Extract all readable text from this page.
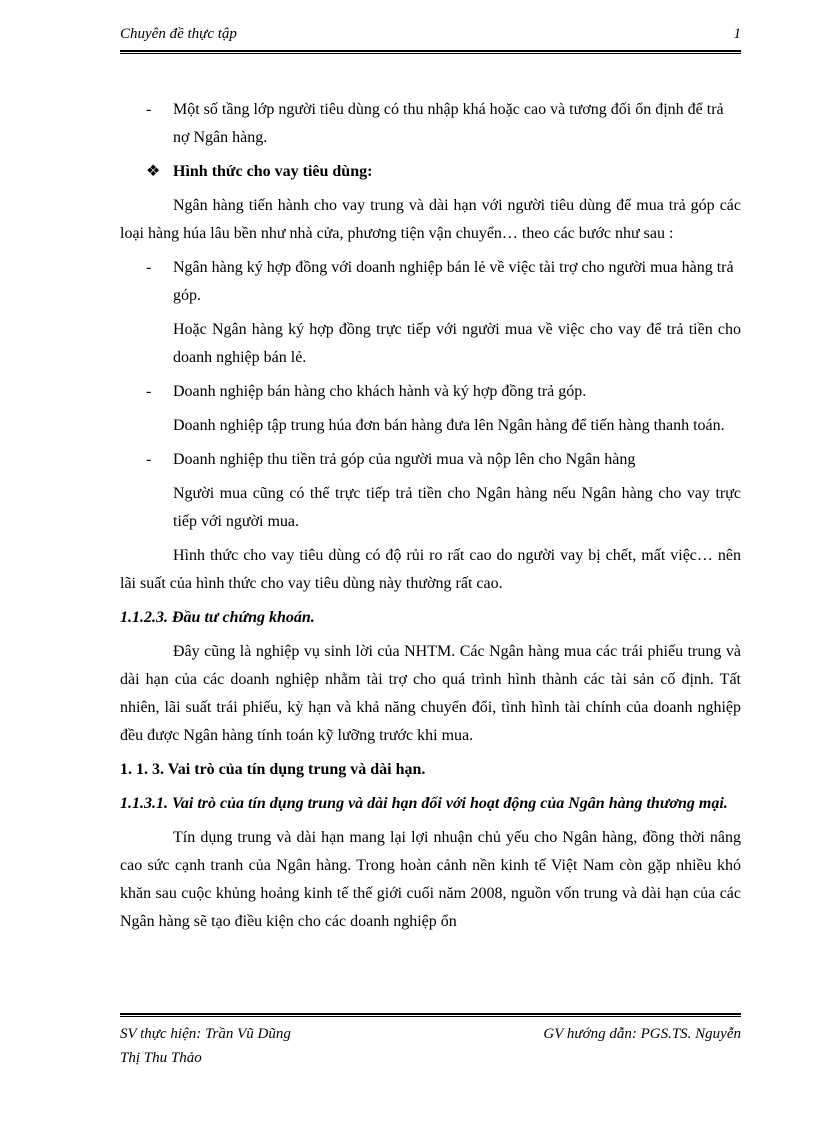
Chuyên đề thực tập	1
- Một số tầng lớp người tiêu dùng có thu nhập khá hoặc cao và tương đối ổn định để trả nợ Ngân hàng.
❖ Hình thức cho vay tiêu dùng:
Ngân hàng tiến hành cho vay trung và dài hạn với người tiêu dùng để mua trả góp các loại hàng húa lâu bền như nhà cửa, phương tiện vận chuyển… theo các bước như sau :
- Ngân hàng ký hợp đồng với doanh nghiệp bán lẻ về việc tài trợ cho người mua hàng trả góp.
Hoặc Ngân hàng ký hợp đồng trực tiếp với người mua về việc cho vay để trả tiền cho doanh nghiệp bán lẻ.
- Doanh nghiệp bán hàng cho khách hành và ký hợp đồng trả góp.
Doanh nghiệp tập trung húa đơn bán hàng đưa lên Ngân hàng để tiến hàng thanh toán.
- Doanh nghiệp thu tiền trả góp của người mua và nộp lên cho Ngân hàng
Người mua cũng có thể trực tiếp trả tiền cho Ngân hàng nếu Ngân hàng cho vay trực tiếp với người mua.
Hình thức cho vay tiêu dùng có độ rủi ro rất cao do người vay bị chết, mất việc… nên lãi suất của hình thức cho vay tiêu dùng này thường rất cao.
1.1.2.3. Đầu tư chứng khoán.
Đây cũng là nghiệp vụ sinh lời của NHTM. Các Ngân hàng mua các trái phiếu trung và dài hạn của các doanh nghiệp nhằm tài trợ cho quá trình hình thành các tài sản cố định. Tất nhiên, lãi suất trái phiếu, kỳ hạn và khả năng chuyển đổi, tình hình tài chính của doanh nghiệp đều được Ngân hàng tính toán kỹ lưỡng trước khi mua.
1. 1. 3. Vai trò của tín dụng trung và dài hạn.
1.1.3.1. Vai trò của tín dụng trung và dài hạn đối với hoạt động của Ngân hàng thương mại.
Tín dụng trung và dài hạn mang lại lợi nhuận chủ yếu cho Ngân hàng, đồng thời nâng cao sức cạnh tranh của Ngân hàng. Trong hoàn cảnh nền kinh tế Việt Nam còn gặp nhiều khó khăn sau cuộc khủng hoảng kinh tế thế giới cuối năm 2008, nguồn vốn trung và dài hạn của các Ngân hàng sẽ tạo điều kiện cho các doanh nghiệp ổn
SV thực hiện: Trần Vũ Dũng	GV hướng dẫn: PGS.TS. Nguyễn
Thị Thu Thảo
